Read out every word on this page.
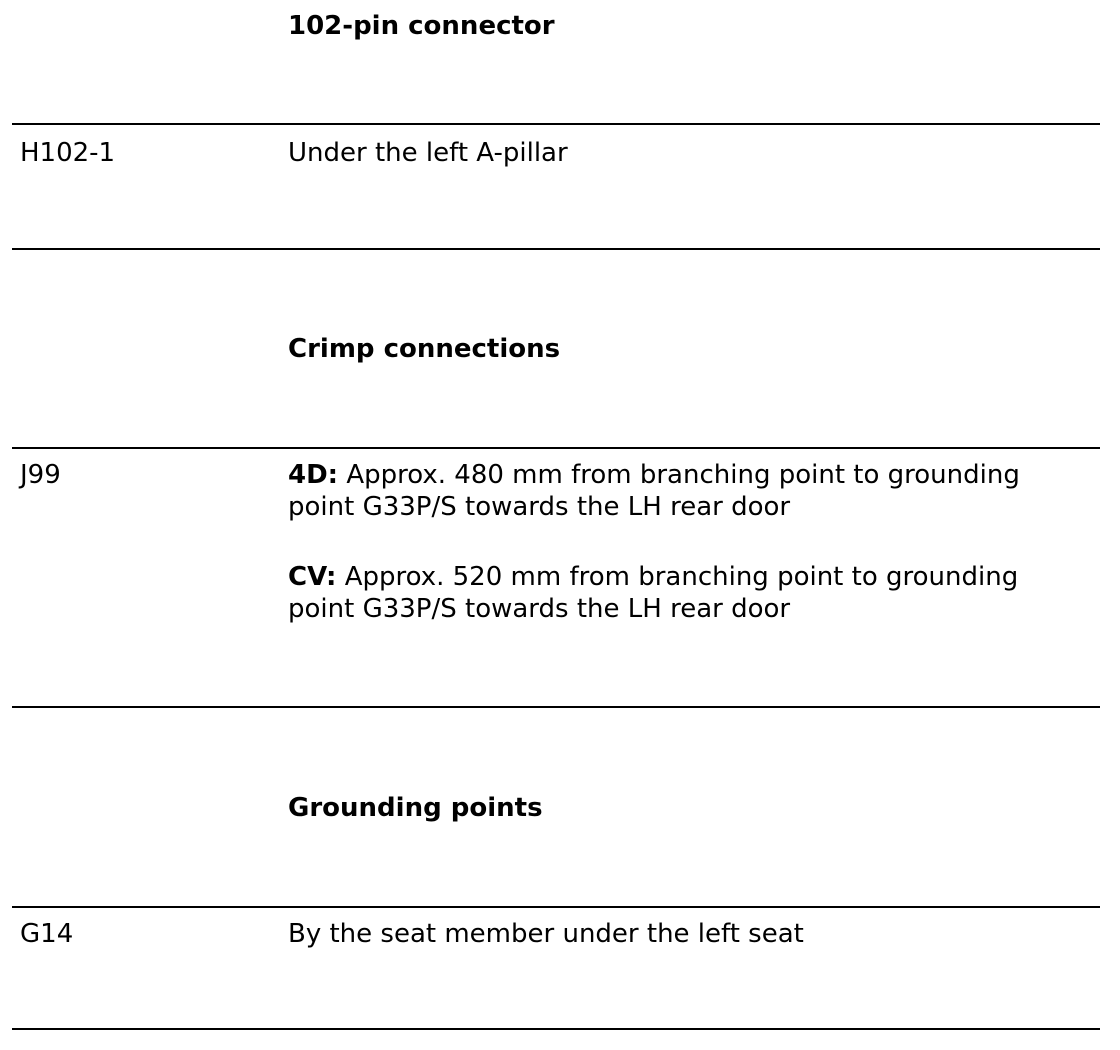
102-pin connector
H102-1	Under the left A-pillar

Crimp connections
J99	4D: Approx. 480 mm from branching point to grounding point G33P/S towards the LH rear door

CV: Approx. 520 mm from branching point to grounding point G33P/S towards the LH rear door

Grounding points
G14	By the seat member under the left seat
